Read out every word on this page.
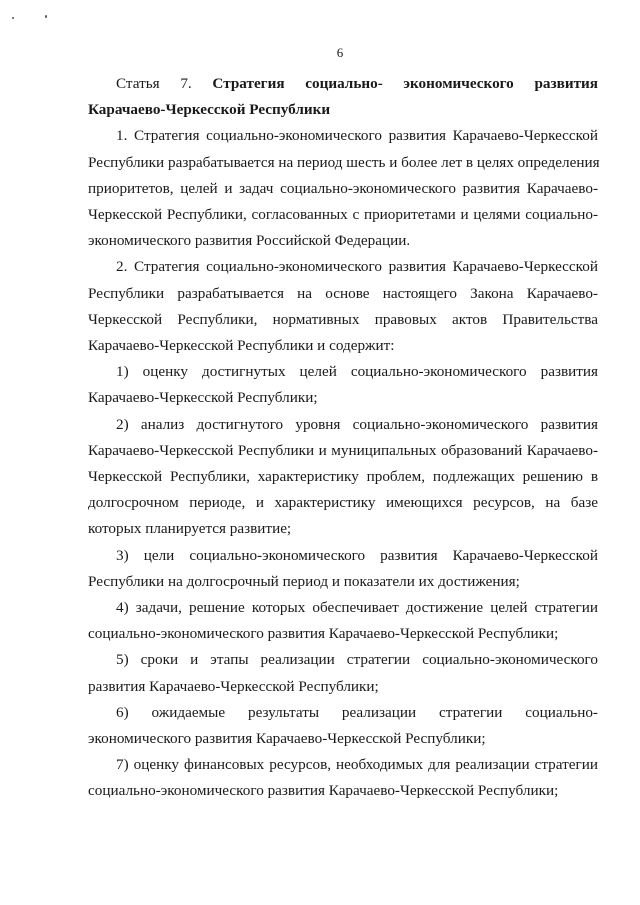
6

Статья 7. Стратегия социально- экономического развития
Карачаево-Черкесской Республики

1. Стратегия социально-экономического развития Карачаево-Черкесской
Республики разрабатывается на период шесть и более лет в целях определения
приоритетов, целей и задач социально-экономического развития Карачаево-
Черкесской Республики, согласованных с приоритетами и целями социально-
экономического развития Российской Федерации.

2. Стратегия социально-экономического развития Карачаево-Черкесской
Республики разрабатывается на основе настоящего Закона Карачаево-
Черкесской Республики, нормативных правовых актов Правительства
Карачаево-Черкесской Республики и содержит:

1) оценку достигнутых целей социально-экономического развития
Карачаево-Черкесской Республики;

2) анализ достигнутого уровня социально-экономического развития
Карачаево-Черкесской Республики и муниципальных образований Карачаево-
Черкесской Республики, характеристику проблем, подлежащих решению в
долгосрочном периоде, и характеристику имеющихся ресурсов, на базе
которых планируется развитие;

3) цели социально-экономического развития Карачаево-Черкесской
Республики на долгосрочный период и показатели их достижения;

4) задачи, решение которых обеспечивает достижение целей стратегии
социально-экономического развития Карачаево-Черкесской Республики;

5) сроки и этапы реализации стратегии социально-экономического
развития Карачаево-Черкесской Республики;

6) ожидаемые результаты реализации стратегии социально-
экономического развития Карачаево-Черкесской Республики;

7) оценку финансовых ресурсов, необходимых для реализации стратегии
социально-экономического развития Карачаево-Черкесской Республики;
